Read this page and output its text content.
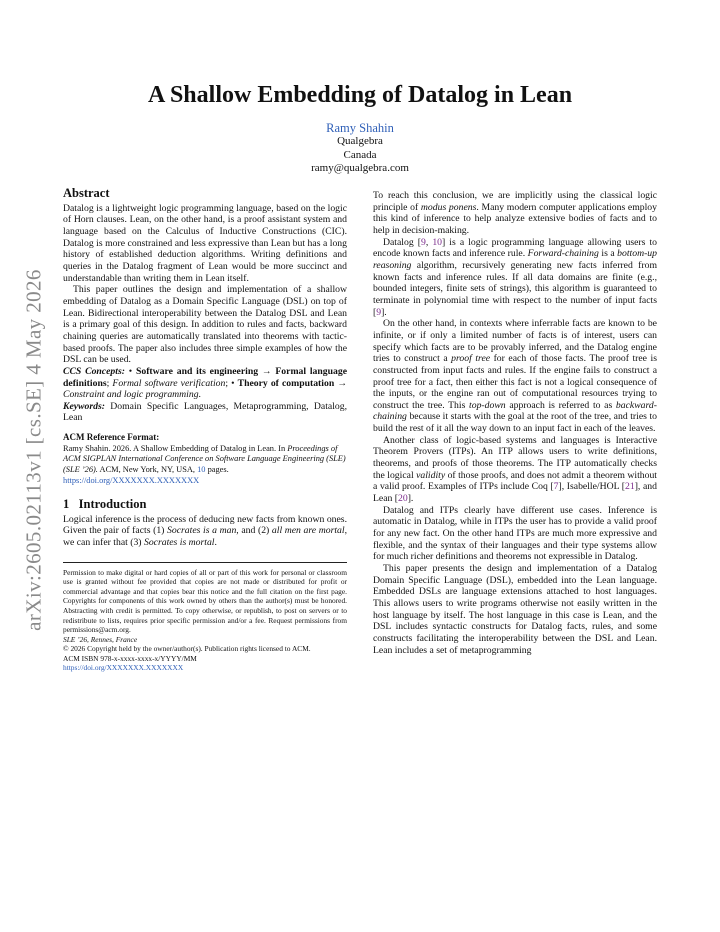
arXiv:2605.02113v1 [cs.SE] 4 May 2026
A Shallow Embedding of Datalog in Lean
Ramy Shahin
Qualgebra
Canada
ramy@qualgebra.com
Abstract

Datalog is a lightweight logic programming language, based on the logic of Horn clauses. Lean, on the other hand, is a proof assistant system and language based on the Calculus of Inductive Constructions (CIC). Datalog is more constrained and less expressive than Lean but has a long history of established deduction algorithms. Writing definitions and queries in the Datalog fragment of Lean would be more succinct and understandable than writing them in Lean itself.

This paper outlines the design and implementation of a shallow embedding of Datalog as a Domain Specific Language (DSL) on top of Lean. Bidirectional interoperability between the Datalog DSL and Lean is a primary goal of this design. In addition to rules and facts, backward chaining queries are automatically translated into theorems with tactic-based proofs. The paper also includes three simple examples of how the DSL can be used.

CCS Concepts: • Software and its engineering → Formal language definitions; Formal software verification; • Theory of computation → Constraint and logic programming.

Keywords: Domain Specific Languages, Metaprogramming, Datalog, Lean

ACM Reference Format:
Ramy Shahin. 2026. A Shallow Embedding of Datalog in Lean. In Proceedings of ACM SIGPLAN International Conference on Software Language Engineering (SLE) (SLE ’26). ACM, New York, NY, USA, 10 pages. https://doi.org/XXXXXXX.XXXXXXX
1 Introduction

Logical inference is the process of deducing new facts from known ones. Given the pair of facts (1) Socrates is a man, and (2) all men are mortal, we can infer that (3) Socrates is mortal.

Permission to make digital or hard copies of all or part of this work for personal or classroom use is granted without fee provided that copies are not made or distributed for profit or commercial advantage and that copies bear this notice and the full citation on the first page. Copyrights for components of this work owned by others than the author(s) must be honored. Abstracting with credit is permitted. To copy otherwise, or republish, to post on servers or to redistribute to lists, requires prior specific permission and/or a fee. Request permissions from permissions@acm.org.
SLE ’26, Rennes, France
© 2026 Copyright held by the owner/author(s). Publication rights licensed to ACM.
ACM ISBN 978-x-xxxx-xxxx-x/YYYY/MM
https://doi.org/XXXXXXX.XXXXXXX

To reach this conclusion, we are implicitly using the classical logic principle of modus ponens. Many modern computer applications employ this kind of inference to help analyze extensive bodies of facts and to help in decision-making.

Datalog [9, 10] is a logic programming language allowing users to encode known facts and inference rule. Forward-chaining is a bottom-up reasoning algorithm, recursively generating new facts inferred from known facts and inference rules. If all data domains are finite (e.g., bounded integers, finite sets of strings), this algorithm is guaranteed to terminate in polynomial time with respect to the number of input facts [9].

On the other hand, in contexts where inferrable facts are known to be infinite, or if only a limited number of facts is of interest, users can specify which facts are to be provably inferred, and the Datalog engine tries to construct a proof tree for each of those facts. The proof tree is constructed from input facts and rules. If the engine fails to construct a proof tree for a fact, then either this fact is not a logical consequence of the inputs, or the engine ran out of computational resources trying to construct the tree. This top-down approach is referred to as backward-chaining because it starts with the goal at the root of the tree, and tries to build the rest of it all the way down to an input fact in each of the leaves.

Another class of logic-based systems and languages is Interactive Theorem Provers (ITPs). An ITP allows users to write definitions, theorems, and proofs of those theorems. The ITP automatically checks the logical validity of those proofs, and does not admit a theorem without a valid proof. Examples of ITPs include Coq [7], Isabelle/HOL [21], and Lean [20].

Datalog and ITPs clearly have different use cases. Inference is automatic in Datalog, while in ITPs the user has to provide a valid proof for any new fact. On the other hand ITPs are much more expressive and flexible, and the syntax of their languages and their type systems allow for much richer definitions and theorems not expressible in Datalog.

This paper presents the design and implementation of a Datalog Domain Specific Language (DSL), embedded into the Lean language. Embedded DSLs are language extensions attached to host languages. This allows users to write programs otherwise not easily written in the host language by itself. The host language in this case is Lean, and the DSL includes syntactic constructs for Datalog facts, rules, and some constructs facilitating the interoperability between the DSL and Lean. Lean includes a set of metaprogramming
